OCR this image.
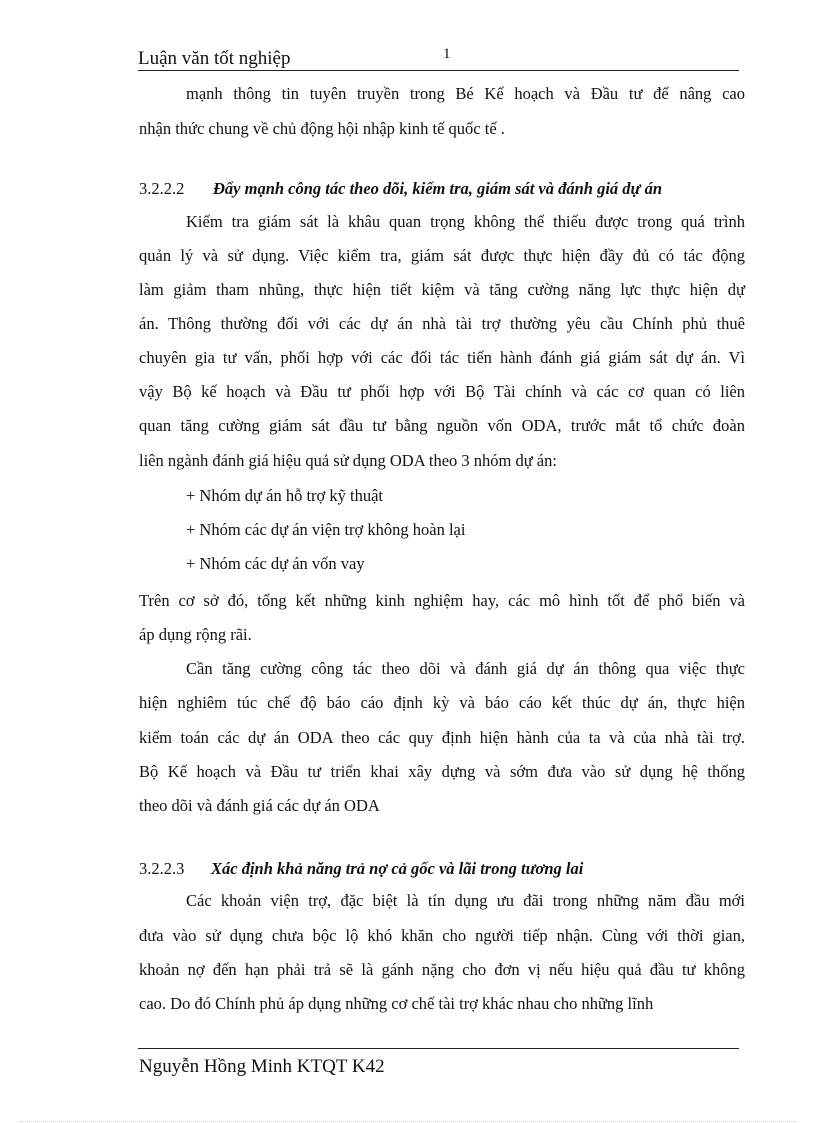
Luận văn tốt nghiệp	1
mạnh thông tin tuyên truyền trong Bé Kế hoạch và Đầu tư để nâng cao
nhận thức chung về chủ động hội nhập kinh tế quốc tế .
3.2.2.2 Đẩy mạnh công tác theo dõi, kiểm tra, giám sát và đánh giá dự án
Kiểm tra giám sát là khâu quan trọng không thể thiếu được trong quá trình
quản lý và sử dụng. Việc kiểm tra, giám sát được thực hiện đầy đủ có tác động
làm giảm tham nhũng, thực hiện tiết kiệm và tăng cường năng lực thực hiện dự
án. Thông thường đối với các dự án nhà tài trợ thường yêu cầu Chính phủ thuê
chuyên gia tư vấn, phối hợp với các đối tác tiến hành đánh giá giám sát dự án. Vì
vậy Bộ kế hoạch và Đầu tư phối hợp với Bộ Tài chính và các cơ quan có liên
quan tăng cường giám sát đầu tư bằng nguồn vốn ODA, trước mắt tổ chức đoàn
liên ngành đánh giá hiệu quả sử dụng ODA theo 3 nhóm dự án:
+ Nhóm dự án hỗ trợ kỹ thuật
+ Nhóm các dự án viện trợ không hoàn lại
+ Nhóm các dự án vốn vay
Trên cơ sở đó, tổng kết những kinh nghiệm hay, các mô hình tốt để phổ biến và
áp dụng rộng rãi.
Cần tăng cường công tác theo dõi và đánh giá dự án thông qua việc thực
hiện nghiêm túc chế độ báo cáo định kỳ và báo cáo kết thúc dự án, thực hiện
kiểm toán các dự án ODA theo các quy định hiện hành của ta và của nhà tài trợ.
Bộ Kế hoạch và Đầu tư triển khai xây dựng và sớm đưa vào sử dụng hệ thống
theo dõi và đánh giá các dự án ODA
3.2.2.3 Xác định khả năng trả nợ cả gốc và lãi trong tương lai
Các khoản viện trợ, đặc biệt là tín dụng ưu đãi trong những năm đầu mới
đưa vào sử dụng chưa bộc lộ khó khăn cho người tiếp nhận. Cùng với thời gian,
khoản nợ đến hạn phải trả sẽ là gánh nặng cho đơn vị nếu hiệu quả đầu tư không
cao. Do đó Chính phủ áp dụng những cơ chế tài trợ khác nhau cho những lĩnh
Nguyễn Hồng Minh KTQT K42
